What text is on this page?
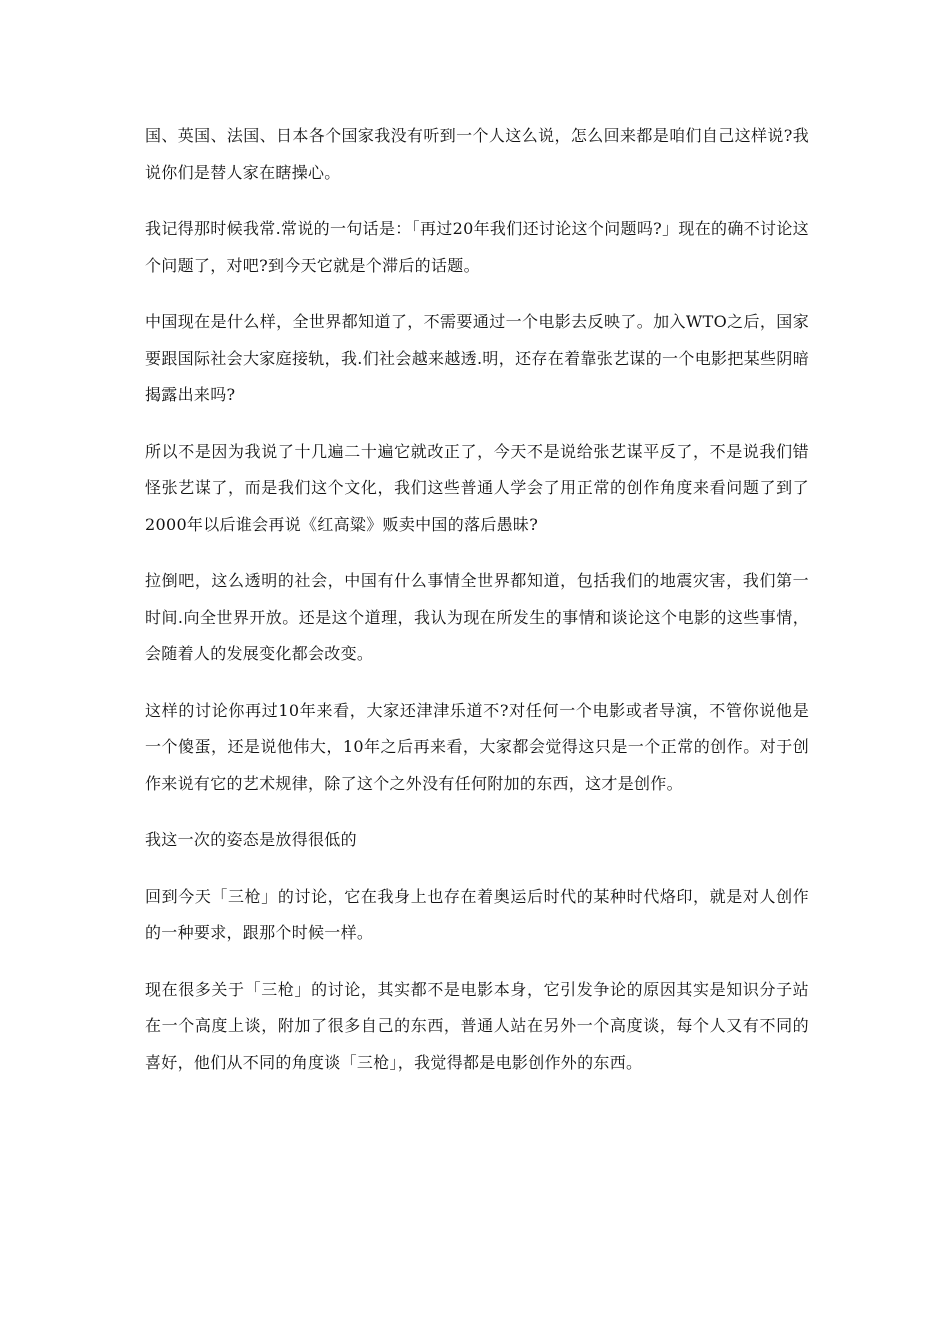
国、英国、法国、日本各个国家我没有听到一个人这么说，怎么回来都是咱们自己这样说?我说你们是替人家在瞎操心。

我记得那时候我常.常说的一句话是：「再过20年我们还讨论这个问题吗?」现在的确不讨论这个问题了，对吧?到今天它就是个滞后的话题。

中国现在是什么样，全世界都知道了，不需要通过一个电影去反映了。加入WTO之后，国家要跟国际社会大家庭接轨，我.们社会越来越透.明，还存在着靠张艺谋的一个电影把某些阴暗揭露出来吗?

所以不是因为我说了十几遍二十遍它就改正了，今天不是说给张艺谋平反了，不是说我们错怪张艺谋了，而是我们这个文化，我们这些普通人学会了用正常的创作角度来看问题了到了2000年以后谁会再说《红高粱》贩卖中国的落后愚昧?

拉倒吧，这么透明的社会，中国有什么事情全世界都知道，包括我们的地震灾害，我们第一时间.向全世界开放。还是这个道理，我认为现在所发生的事情和谈论这个电影的这些事情，会随着人的发展变化都会改变。

这样的讨论你再过10年来看，大家还津津乐道不?对任何一个电影或者导演，不管你说他是一个傻蛋，还是说他伟大，10年之后再来看，大家都会觉得这只是一个正常的创作。对于创作来说有它的艺术规律，除了这个之外没有任何附加的东西，这才是创作。

我这一次的姿态是放得很低的

回到今天「三枪」的讨论，它在我身上也存在着奥运后时代的某种时代烙印，就是对人创作的一种要求，跟那个时候一样。

现在很多关于「三枪」的讨论，其实都不是电影本身，它引发争论的原因其实是知识分子站在一个高度上谈，附加了很多自己的东西，普通人站在另外一个高度谈，每个人又有不同的喜好，他们从不同的角度谈「三枪」，我觉得都是电影创作外的东西。
